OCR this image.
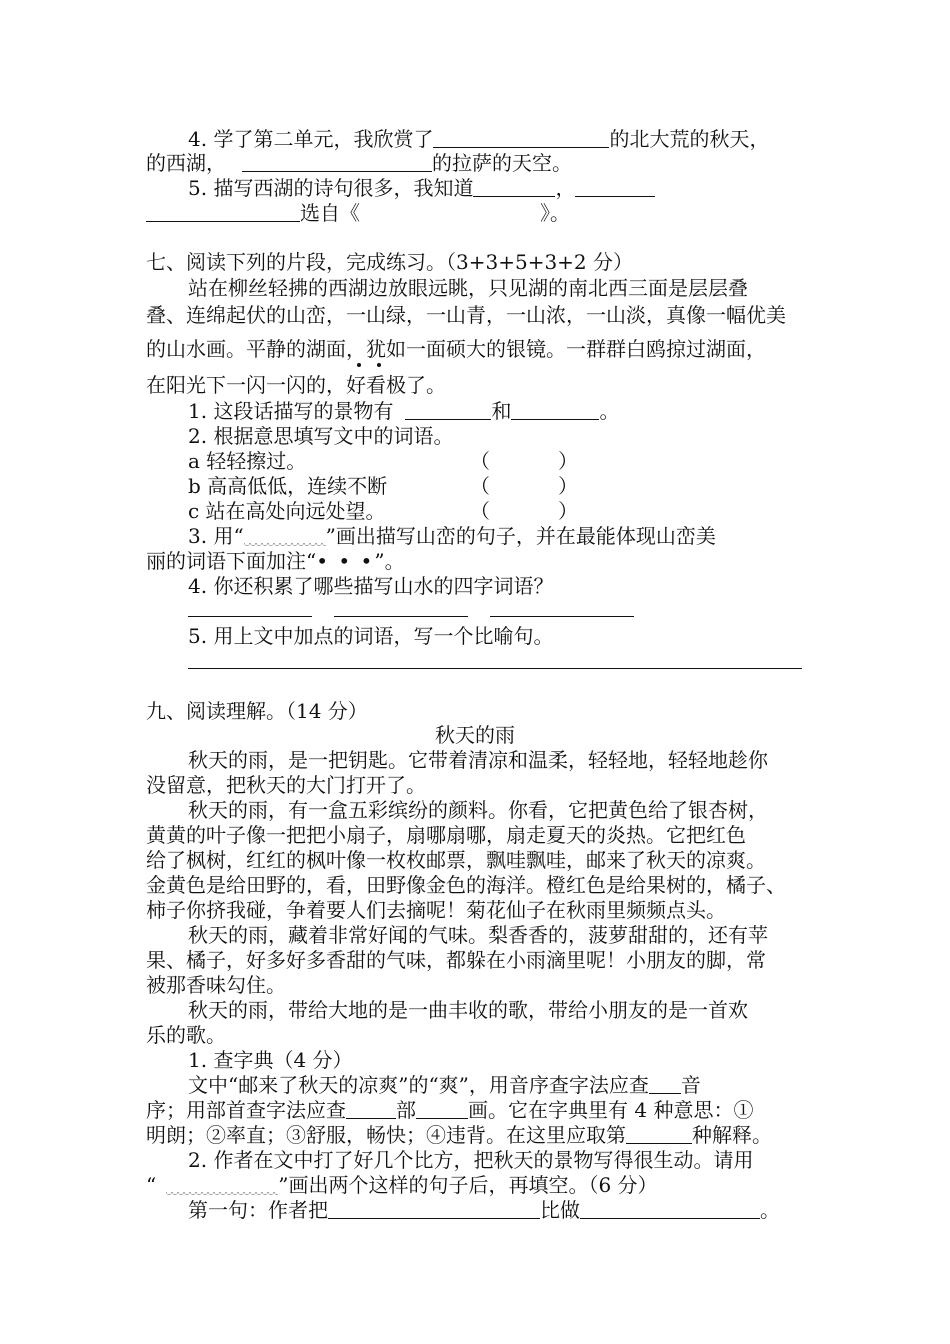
4. 学了第二单元，我欣赏了	的北大荒的秋天，
的西湖，	的拉萨的天空。
5. 描写西湖的诗句很多，我知道	，
选自《	》。
七、阅读下列的片段，完成练习。（3+3+5+3+2 分）
站在柳丝轻拂的西湖边放眼远眺，只见湖的南北西三面是层层叠
叠、连绵起伏的山峦，一山绿，一山青，一山浓，一山淡，真像一幅优美
的山水画。平静的湖面，犹如一面硕大的银镜。一群群白鸥掠过湖面，
在阳光下一闪一闪的，好看极了。
1. 这段话描写的景物有	和	。
2. 根据意思填写文中的词语。
a 轻轻擦过。	（	）
b 高高低低，连续不断	（	）
c 站在高处向远处望。	（	）
3. 用“	”画出描写山峦的句子，并在最能体现山峦美
丽的词语下面加注“• • •”。
4. 你还积累了哪些描写山水的四字词语？
5. 用上文中加点的词语，写一个比喻句。
九、阅读理解。（14 分）
秋天的雨
秋天的雨，是一把钥匙。它带着清凉和温柔，轻轻地，轻轻地趁你
没留意，把秋天的大门打开了。
秋天的雨，有一盒五彩缤纷的颜料。你看，它把黄色给了银杏树，
黄黄的叶子像一把把小扇子，扇哪扇哪，扇走夏天的炎热。它把红色
给了枫树，红红的枫叶像一枚枚邮票，飘哇飘哇，邮来了秋天的凉爽。
金黄色是给田野的，看，田野像金色的海洋。橙红色是给果树的，橘子、
柿子你挤我碰，争着要人们去摘呢！菊花仙子在秋雨里频频点头。
秋天的雨，藏着非常好闻的气味。梨香香的，菠萝甜甜的，还有苹
果、橘子，好多好多香甜的气味，都躲在小雨滴里呢！小朋友的脚，常
被那香味勾住。
秋天的雨，带给大地的是一曲丰收的歌，带给小朋友的是一首欢
乐的歌。
1. 查字典（4 分）
文中“邮来了秋天的凉爽”的“爽”，用音序查字法应查 音
序；用部首查字法应查	部	画。它在字典里有 4 种意思：①
明朗；②率直；③舒服，畅快；④违背。在这里应取第	种解释。
2. 作者在文中打了好几个比方，把秋天的景物写得很生动。请用
“	”画出两个这样的句子后，再填空。（6 分）
第一句：作者把	比做	。
